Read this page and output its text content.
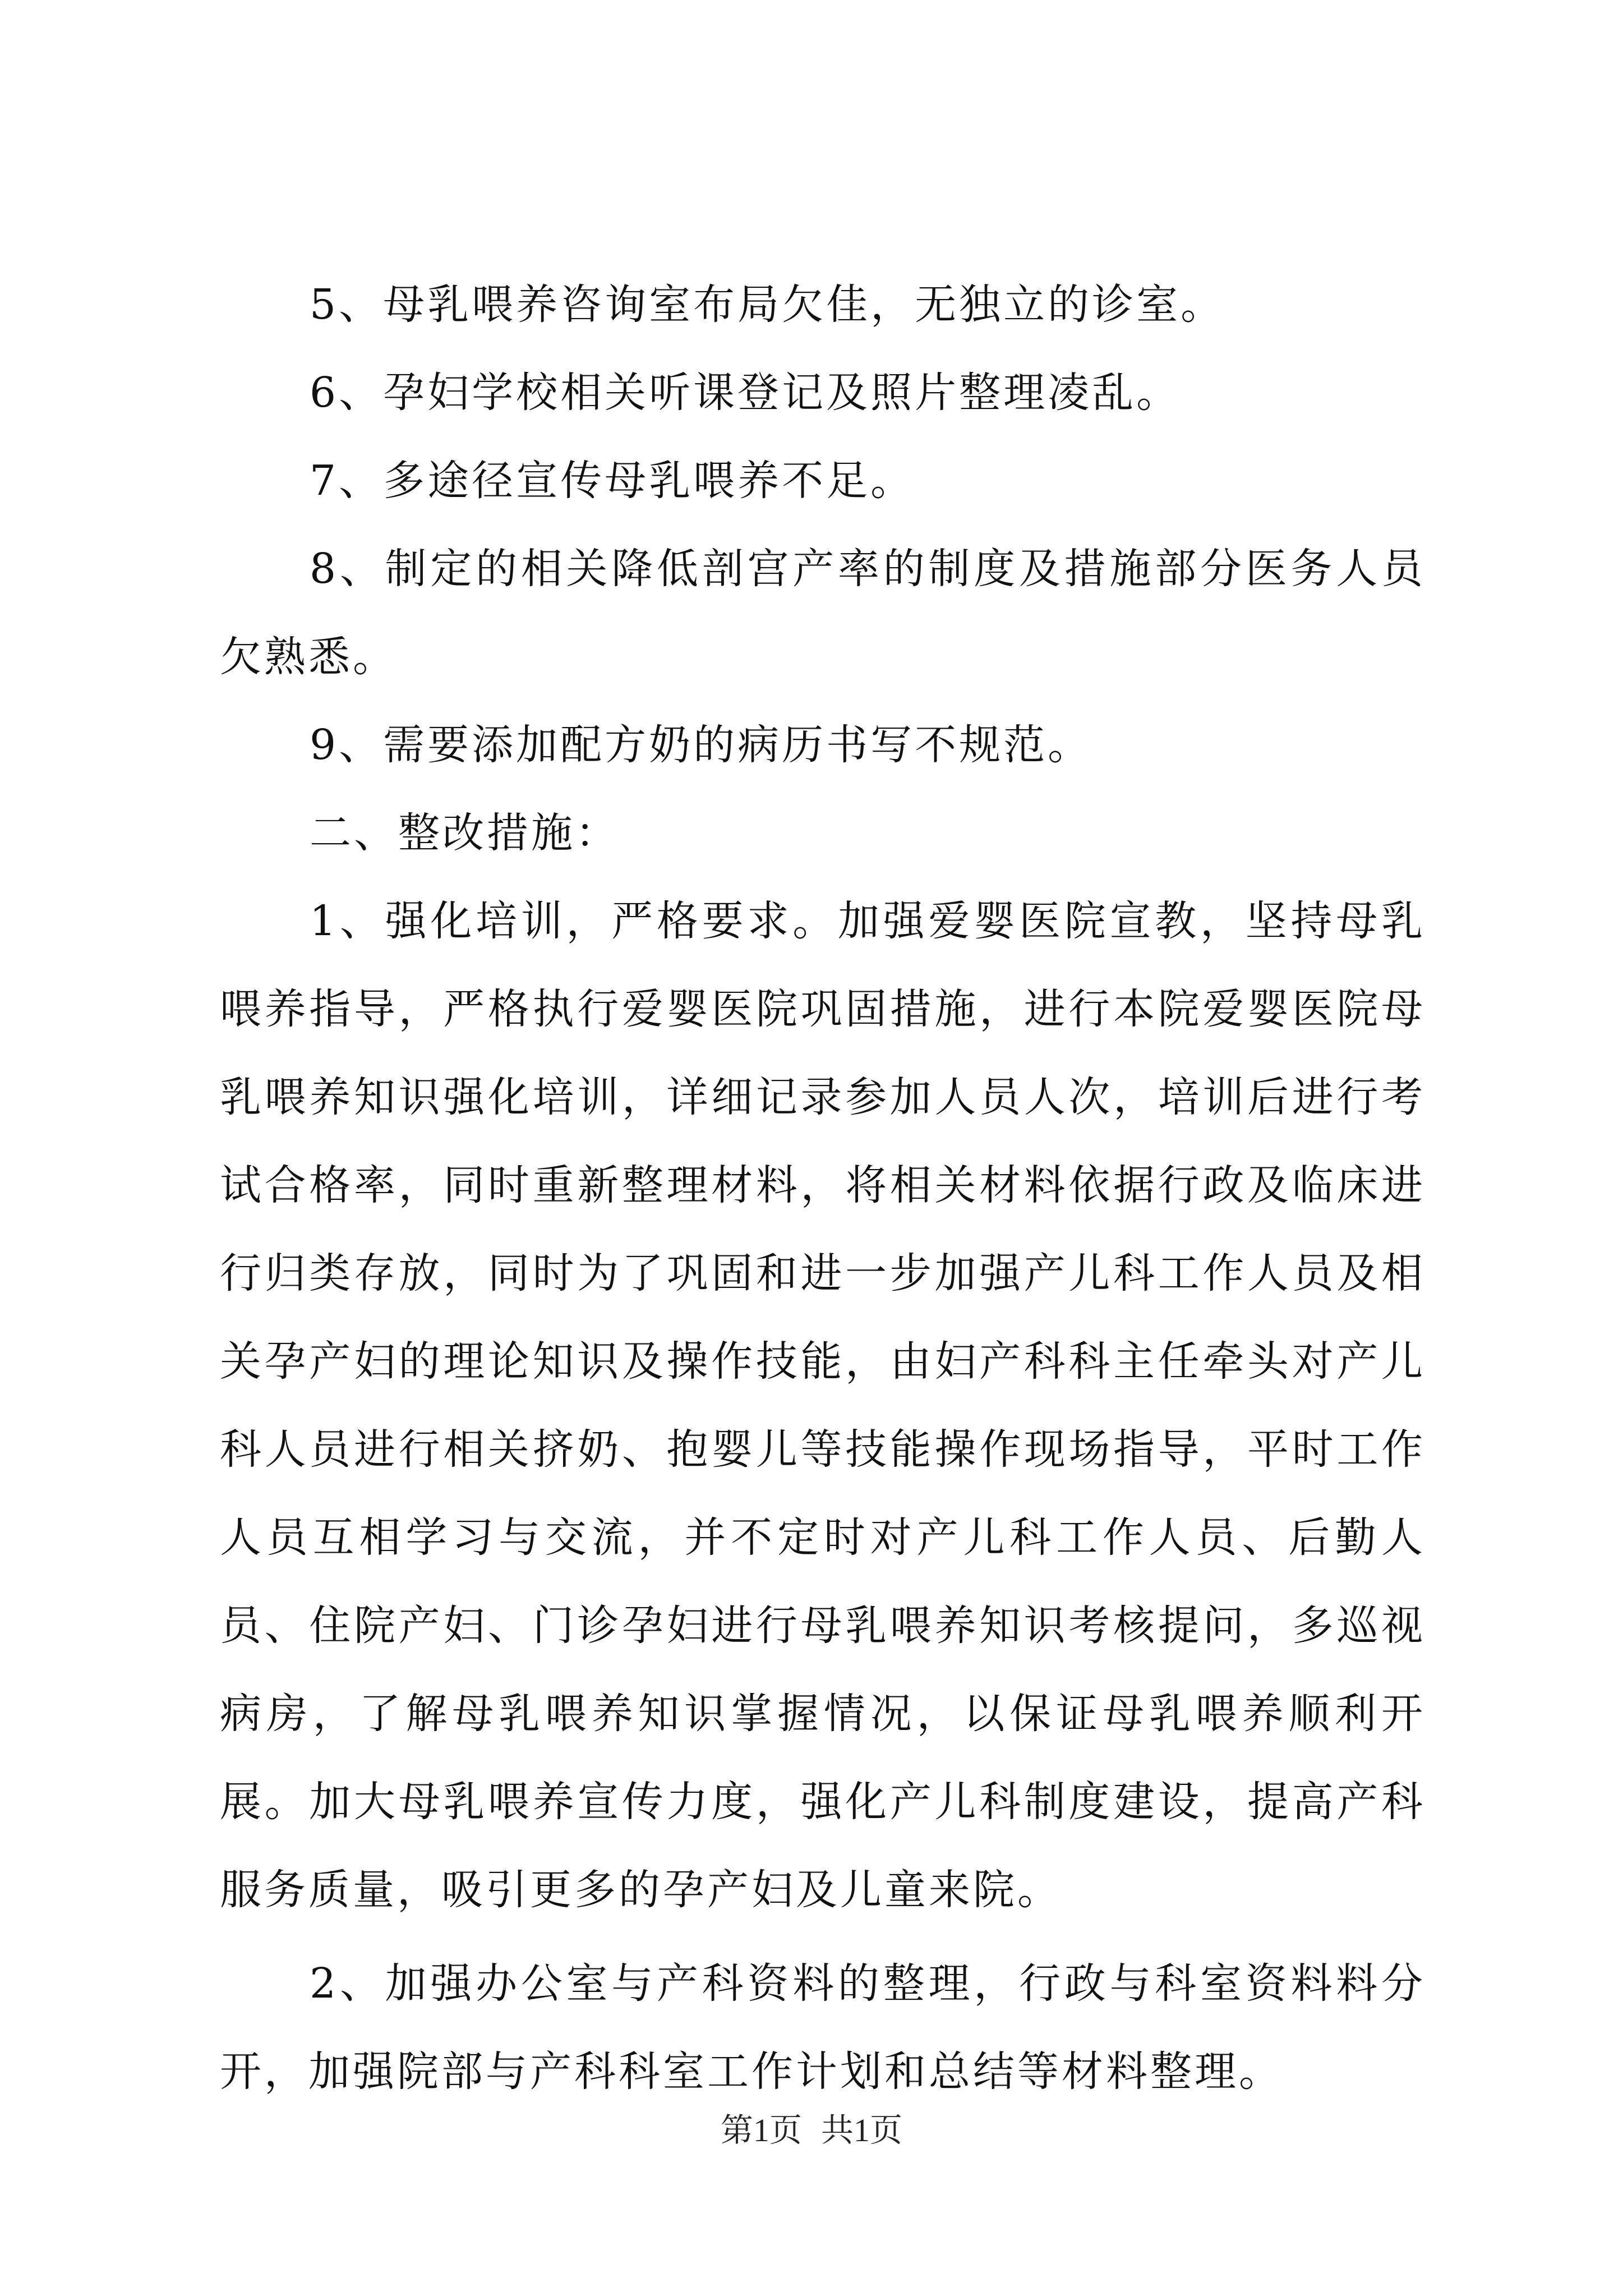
5、母乳喂养咨询室布局欠佳，无独立的诊室。

6、孕妇学校相关听课登记及照片整理凌乱。

7、多途径宣传母乳喂养不足。

8、制定的相关降低剖宫产率的制度及措施部分医务人员欠熟悉。

9、需要添加配方奶的病历书写不规范。

二、整改措施：

1、强化培训，严格要求。加强爱婴医院宣教，坚持母乳喂养指导，严格执行爱婴医院巩固措施，进行本院爱婴医院母乳喂养知识强化培训，详细记录参加人员人次，培训后进行考试合格率，同时重新整理材料，将相关材料依据行政及临床进行归类存放，同时为了巩固和进一步加强产儿科工作人员及相关孕产妇的理论知识及操作技能，由妇产科科主任牵头对产儿科人员进行相关挤奶、抱婴儿等技能操作现场指导，平时工作人员互相学习与交流，并不定时对产儿科工作人员、后勤人员、住院产妇、门诊孕妇进行母乳喂养知识考核提问，多巡视病房，了解母乳喂养知识掌握情况，以保证母乳喂养顺利开展。加大母乳喂养宣传力度，强化产儿科制度建设，提高产科服务质量，吸引更多的孕产妇及儿童来院。

2、加强办公室与产科资料的整理，行政与科室资料料分开，加强院部与产科科室工作计划和总结等材料整理。

第1页 共1页
